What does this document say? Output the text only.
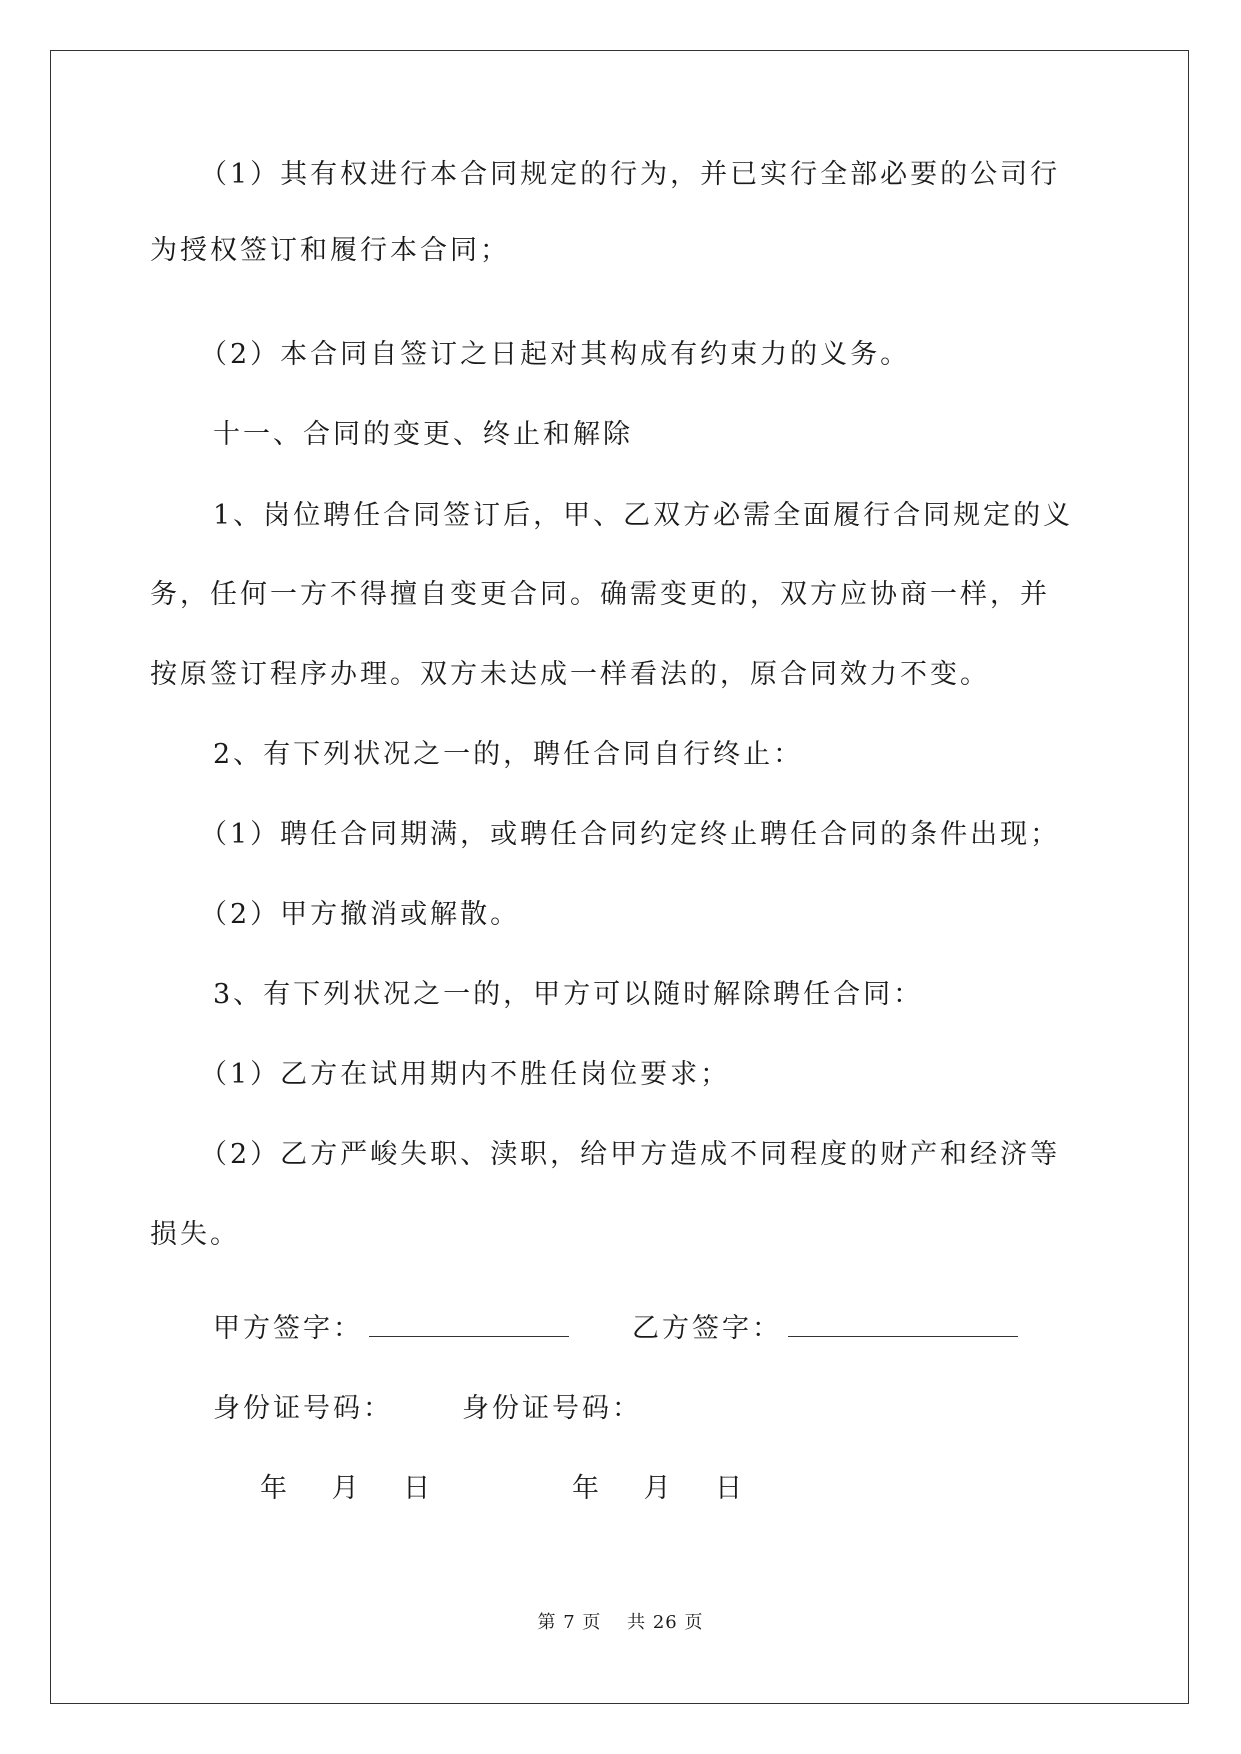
（1）其有权进行本合同规定的行为，并已实行全部必要的公司行
为授权签订和履行本合同；
（2）本合同自签订之日起对其构成有约束力的义务。
十一、合同的变更、终止和解除
1、岗位聘任合同签订后，甲、乙双方必需全面履行合同规定的义
务，任何一方不得擅自变更合同。确需变更的，双方应协商一样，并
按原签订程序办理。双方未达成一样看法的，原合同效力不变。
2、有下列状况之一的，聘任合同自行终止：
（1）聘任合同期满，或聘任合同约定终止聘任合同的条件出现；
（2）甲方撤消或解散。
3、有下列状况之一的，甲方可以随时解除聘任合同：
（1）乙方在试用期内不胜任岗位要求；
（2）乙方严峻失职、渎职，给甲方造成不同程度的财产和经济等
损失。
甲方签字：	乙方签字：
身份证号码：	身份证号码：
年　 月　 日	年　 月　 日
第 7 页　 共 26 页
